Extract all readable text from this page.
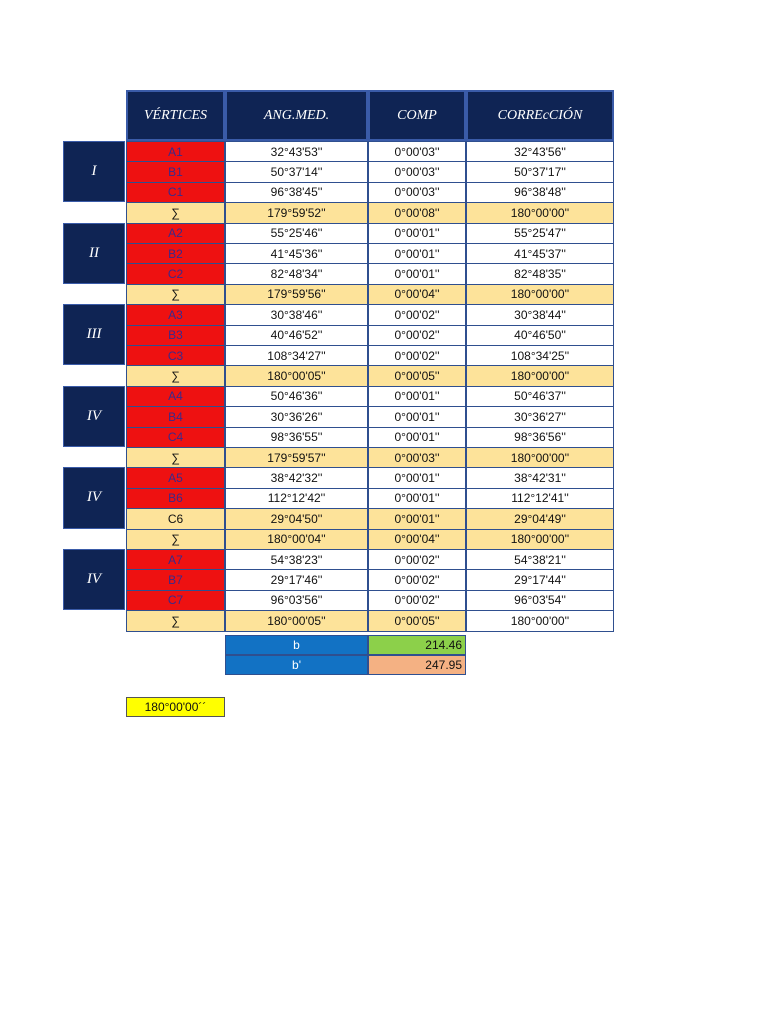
VÉRTICES	ANG.MED.	COMP	CORREcCIÓN
I
A1	32°43'53''	0°00'03''	32°43'56''
B1	50°37'14''	0°00'03''	50°37'17''
C1	96°38'45''	0°00'03''	96°38'48''
∑	179°59'52''	0°00'08''	180°00'00''
II
A2	55°25'46''	0°00'01''	55°25'47''
B2	41°45'36''	0°00'01''	41°45'37''
C2	82°48'34''	0°00'01''	82°48'35''
∑	179°59'56''	0°00'04''	180°00'00''
III
A3	30°38'46''	0°00'02''	30°38'44''
B3	40°46'52''	0°00'02''	40°46'50''
C3	108°34'27''	0°00'02''	108°34'25''
∑	180°00'05''	0°00'05''	180°00'00''
IV
A4	50°46'36''	0°00'01''	50°46'37''
B4	30°36'26''	0°00'01''	30°36'27''
C4	98°36'55''	0°00'01''	98°36'56''
∑	179°59'57''	0°00'03''	180°00'00''
IV
A5	38°42'32''	0°00'01''	38°42'31''
B6	112°12'42''	0°00'01''	112°12'41''
C6	29°04'50''	0°00'01''	29°04'49''
∑	180°00'04''	0°00'04''	180°00'00''
IV
A7	54°38'23''	0°00'02''	54°38'21''
B7	29°17'46''	0°00'02''	29°17'44''
C7	96°03'56''	0°00'02''	96°03'54''
∑	180°00'05''	0°00'05''	180°00'00''
b	214.46
b'	247.95
180°00'00´´
